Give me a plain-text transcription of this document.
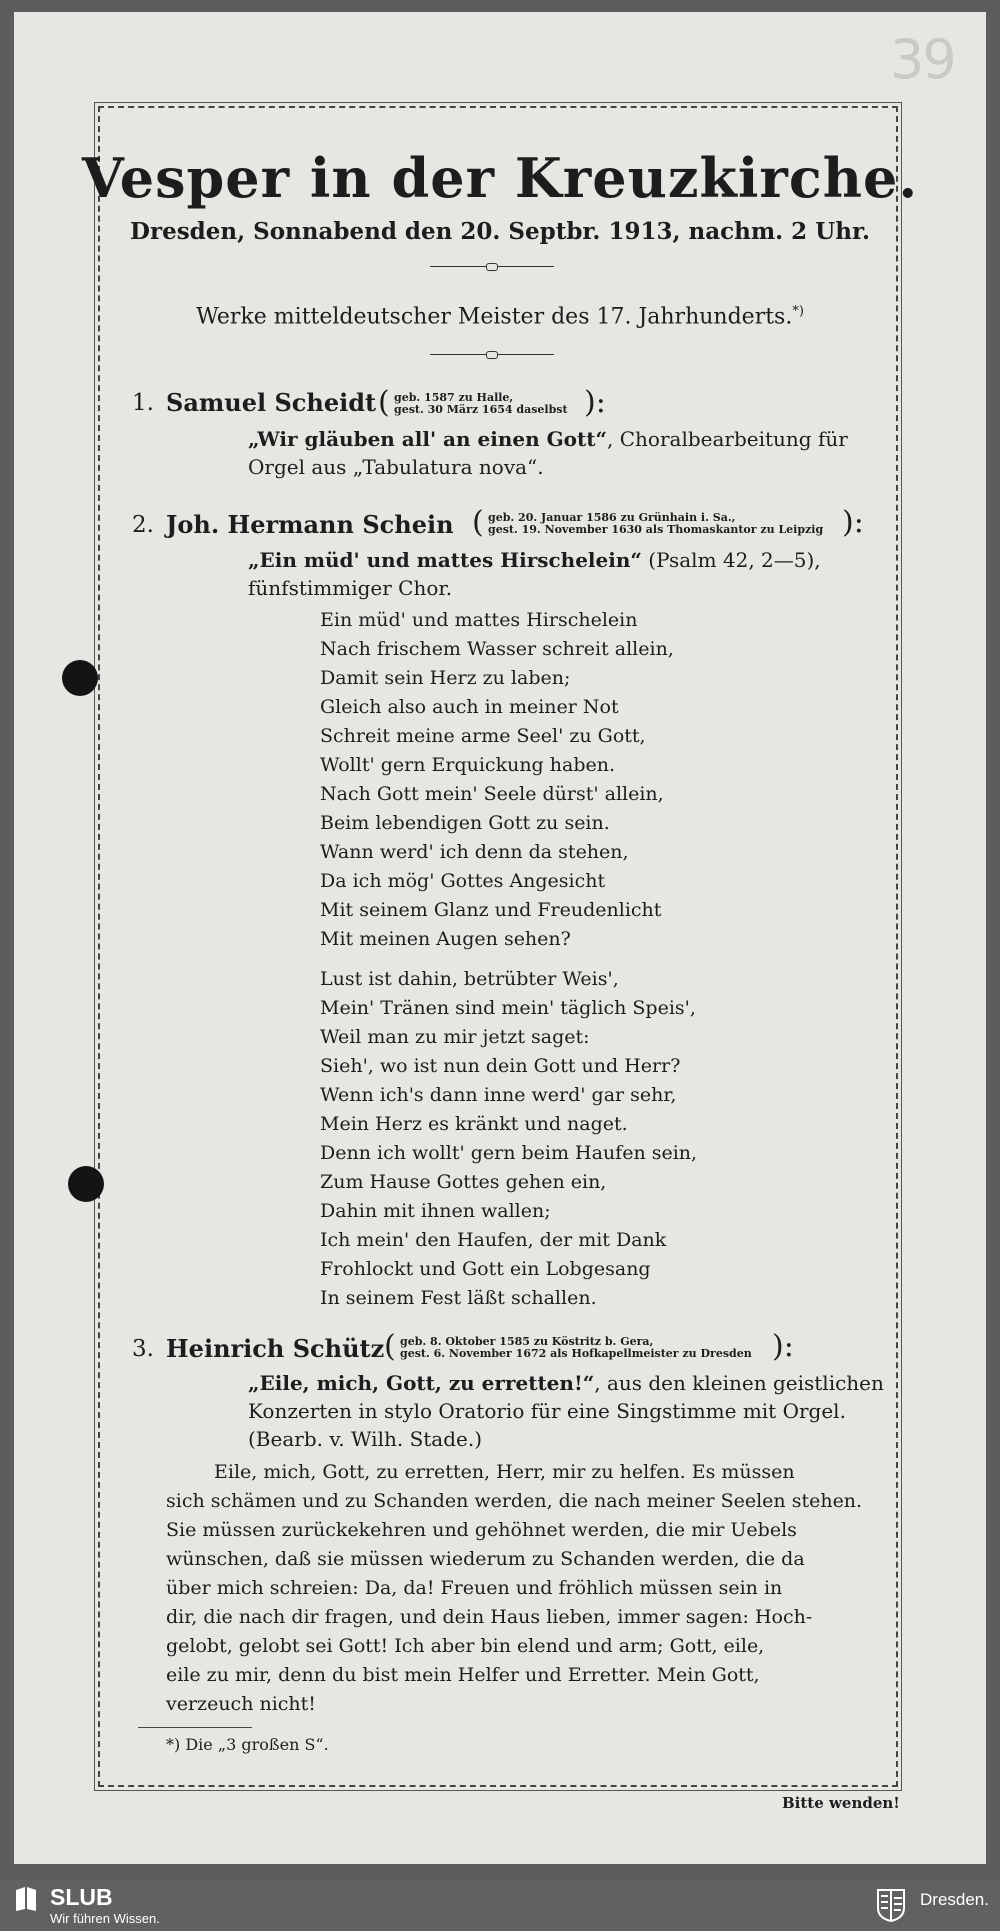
39
Vesper in der Kreuzkirche.
Dresden, Sonnabend den 20. Septbr. 1913, nachm. 2 Uhr.
Werke mitteldeutscher Meister des 17. Jahrhunderts.*)
1. Samuel Scheidt ( geb. 1587 zu Halle,
gest. 30 März 1654 daselbst ):
„Wir gläuben all' an einen Gott“, Choralbearbeitung für
Orgel aus „Tabulatura nova“.
2. Joh. Hermann Schein ( geb. 20. Januar 1586 zu Grünhain i. Sa.,
gest. 19. November 1630 als Thomaskantor zu Leipzig ):
„Ein müd' und mattes Hirschelein“ (Psalm 42, 2—5),
fünfstimmiger Chor.
Ein müd' und mattes Hirschelein
Nach frischem Wasser schreit allein,
Damit sein Herz zu laben;
Gleich also auch in meiner Not
Schreit meine arme Seel' zu Gott,
Wollt' gern Erquickung haben.
Nach Gott mein' Seele dürst' allein,
Beim lebendigen Gott zu sein.
Wann werd' ich denn da stehen,
Da ich mög' Gottes Angesicht
Mit seinem Glanz und Freudenlicht
Mit meinen Augen sehen?
Lust ist dahin, betrübter Weis',
Mein' Tränen sind mein' täglich Speis',
Weil man zu mir jetzt saget:
Sieh', wo ist nun dein Gott und Herr?
Wenn ich's dann inne werd' gar sehr,
Mein Herz es kränkt und naget.
Denn ich wollt' gern beim Haufen sein,
Zum Hause Gottes gehen ein,
Dahin mit ihnen wallen;
Ich mein' den Haufen, der mit Dank
Frohlockt und Gott ein Lobgesang
In seinem Fest läßt schallen.
3. Heinrich Schütz ( geb. 8. Oktober 1585 zu Köstritz b. Gera,
gest. 6. November 1672 als Hofkapellmeister zu Dresden ):
„Eile, mich, Gott, zu erretten!“, aus den kleinen geistlichen
Konzerten in stylo Oratorio für eine Singstimme mit Orgel.
(Bearb. v. Wilh. Stade.)
Eile, mich, Gott, zu erretten, Herr, mir zu helfen. Es müssen
sich schämen und zu Schanden werden, die nach meiner Seelen stehen.
Sie müssen zurückekehren und gehöhnet werden, die mir Uebels
wünschen, daß sie müssen wiederum zu Schanden werden, die da
über mich schreien: Da, da! Freuen und fröhlich müssen sein in
dir, die nach dir fragen, und dein Haus lieben, immer sagen: Hoch-
gelobt, gelobt sei Gott! Ich aber bin elend und arm; Gott, eile,
eile zu mir, denn du bist mein Helfer und Erretter. Mein Gott,
verzeuch nicht!
*) Die „3 großen S“.
Bitte wenden!
SLUB
Wir führen Wissen.
Dresden.
